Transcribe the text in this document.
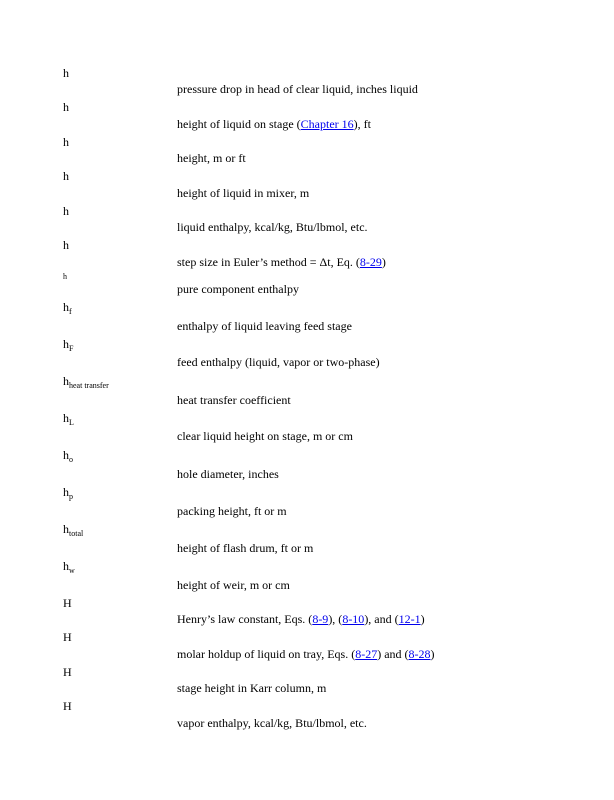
h
pressure drop in head of clear liquid, inches liquid
h
height of liquid on stage (Chapter 16), ft
h
height, m or ft
h
height of liquid in mixer, m
h
liquid enthalpy, kcal/kg, Btu/lbmol, etc.
h
step size in Euler’s method = Δt, Eq. (8-29)
h
pure component enthalpy
$h_f$
enthalpy of liquid leaving feed stage
$h_F$
feed enthalpy (liquid, vapor or two-phase)
$h_{heat transfer}$
heat transfer coefficient
$h_L$
clear liquid height on stage, m or cm
$h_o$
hole diameter, inches
$h_p$
packing height, ft or m
$h_{total}$
height of flash drum, ft or m
$h_w$
height of weir, m or cm
H
Henry’s law constant, Eqs. (8-9), (8-10), and (12-1)
H
molar holdup of liquid on tray, Eqs. (8-27) and (8-28)
H
stage height in Karr column, m
H
vapor enthalpy, kcal/kg, Btu/lbmol, etc.
